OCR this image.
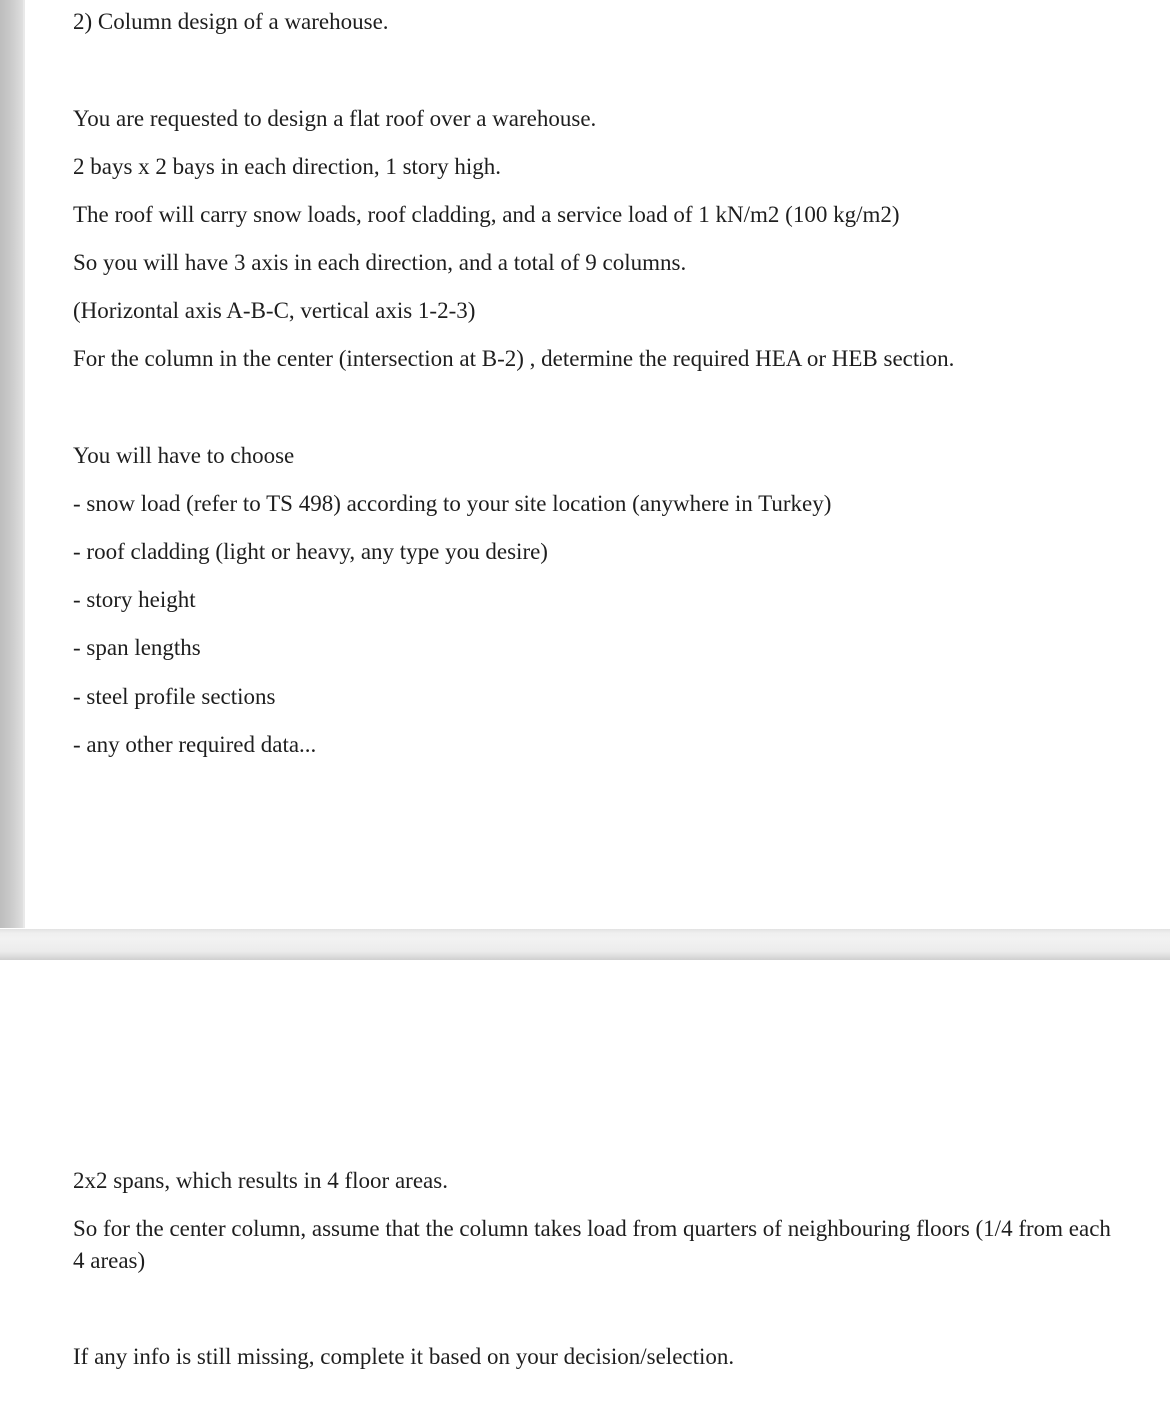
2) Column design of a warehouse.

You are requested to design a flat roof over a warehouse.

2 bays x 2 bays in each direction, 1 story high.

The roof will carry snow loads, roof cladding, and a service load of 1 kN/m2 (100 kg/m2)

So you will have 3 axis in each direction, and a total of 9 columns.

(Horizontal axis A-B-C, vertical axis 1-2-3)

For the column in the center (intersection at B-2) , determine the required HEA or HEB section.

You will have to choose

- snow load (refer to TS 498) according to your site location (anywhere in Turkey)

- roof cladding (light or heavy, any type you desire)

- story height

- span lengths

- steel profile sections

- any other required data...

2x2 spans, which results in 4 floor areas.

So for the center column, assume that the column takes load from quarters of neighbouring floors (1/4 from each 4 areas)

If any info is still missing, complete it based on your decision/selection.
